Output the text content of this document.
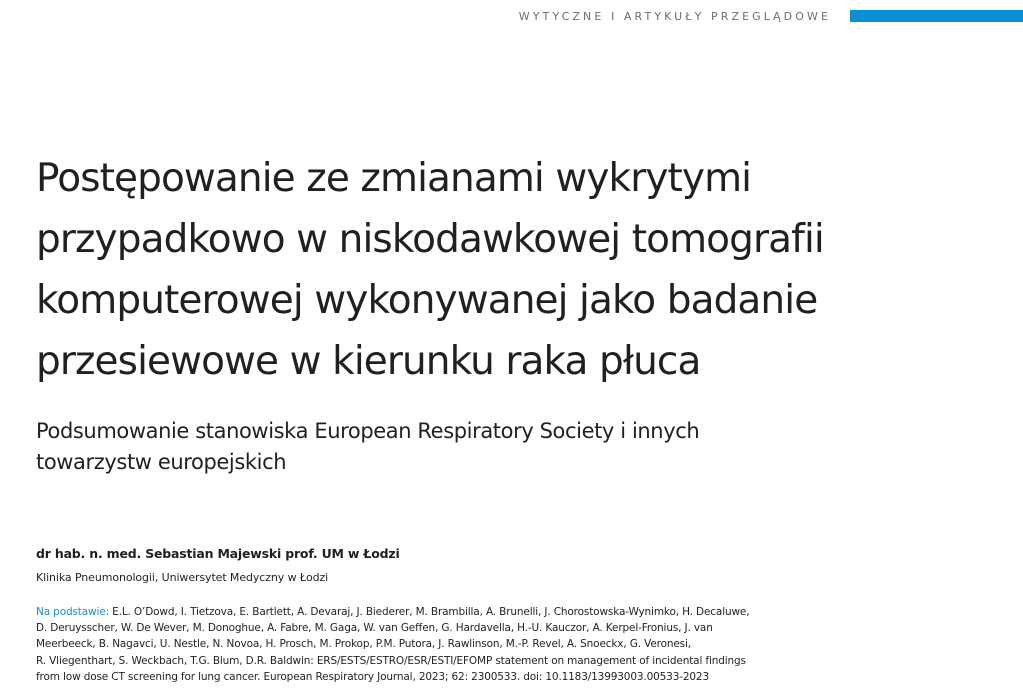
WYTYCZNE I ARTYKUŁY PRZEGLĄDOWE
Postępowanie ze zmianami wykrytymi
przypadkowo w niskodawkowej tomografii
komputerowej wykonywanej jako badanie
przesiewowe w kierunku raka płuca
Podsumowanie stanowiska European Respiratory Society i innych
towarzystw europejskich
dr hab. n. med. Sebastian Majewski prof. UM w Łodzi
Klinika Pneumonologii, Uniwersytet Medyczny w Łodzi
Na podstawie: E.L. O’Dowd, I. Tietzova, E. Bartlett, A. Devaraj, J. Biederer, M. Brambilla, A. Brunelli, J. Chorostowska-Wynimko, H. Decaluwe,
D. Deruysscher, W. De Wever, M. Donoghue, A. Fabre, M. Gaga, W. van Geffen, G. Hardavella, H.-U. Kauczor, A. Kerpel-Fronius, J. van
Meerbeeck, B. Nagavci, U. Nestle, N. Novoa, H. Prosch, M. Prokop, P.M. Putora, J. Rawlinson, M.-P. Revel, A. Snoeckx, G. Veronesi,
R. Vliegenthart, S. Weckbach, T.G. Blum, D.R. Baldwin: ERS/ESTS/ESTRO/ESR/ESTI/EFOMP statement on management of incidental findings
from low dose CT screening for lung cancer. European Respiratory Journal, 2023; 62: 2300533. doi: 10.1183/13993003.00533-2023
